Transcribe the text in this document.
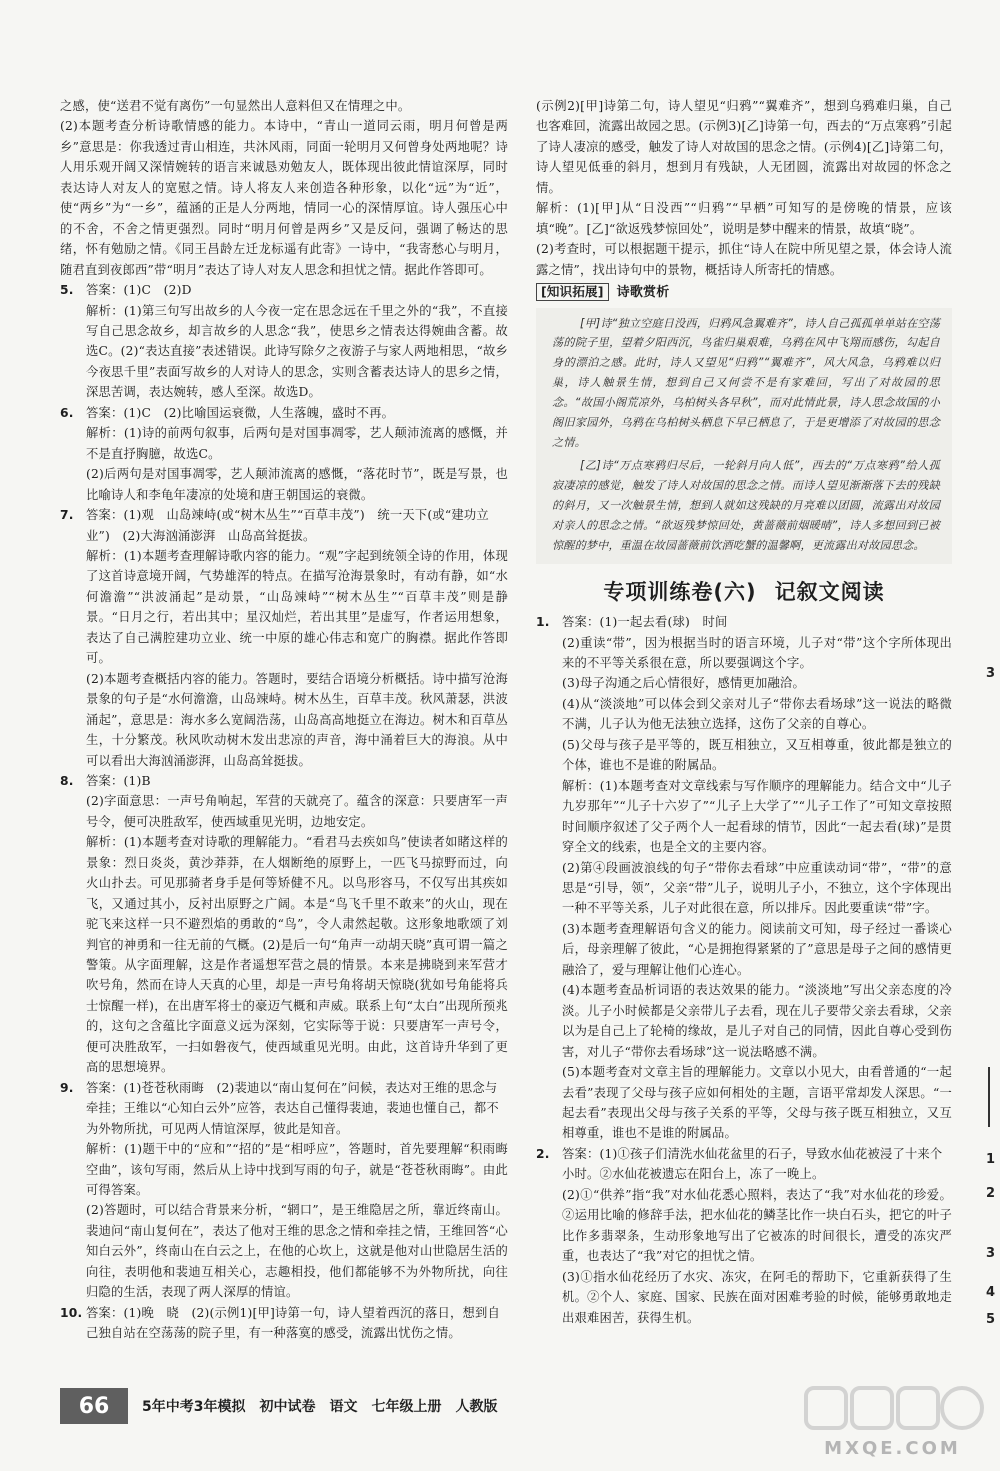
之感，使“送君不觉有离伤”一句显然出人意料但又在情理之中。

(2)本题考查分析诗歌情感的能力。本诗中，“青山一道同云雨，明月何曾是两乡”意思是：你我透过青山相连，共沐风雨，同面一轮明月又何曾身处两地呢？诗人用乐观开阔又深情婉转的语言来诚恳劝勉友人，既体现出彼此情谊深厚，同时表达诗人对友人的宽慰之情。诗人将友人来创造各种形象，以化“远”为“近”，使“两乡”为“一乡”，蕴涵的正是人分两地，情同一心的深情厚谊。诗人强压心中的不舍，不舍之情更强烈。同时“明月何曾是两乡”又是反问，强调了畅达的思绪，怀有勉励之情。《同王昌龄左迁龙标遥有此寄》一诗中，“我寄愁心与明月，随君直到夜郎西”带“明月”表达了诗人对友人思念和担忧之情。据此作答即可。

5.	答案：(1)C　(2)D

解析：(1)第三句写出故乡的人今夜一定在思念远在千里之外的“我”，不直接写自己思念故乡，却言故乡的人思念“我”，使思乡之情表达得婉曲含蓄。故选C。(2)“表达直接”表述错误。此诗写除夕之夜游子与家人两地相思，“故乡今夜思千里”表面写故乡的人对诗人的思念，实则含蓄表达诗人的思乡之情，深思苦调，表达婉转，感人至深。故选D。

6.	答案：(1)C　(2)比喻国运衰微，人生落魄，盛时不再。

解析：(1)诗的前两句叙事，后两句是对国事凋零，艺人颠沛流离的感慨，并不是直抒胸臆，故选C。

(2)后两句是对国事凋零，艺人颠沛流离的感慨，“落花时节”，既是写景，也比喻诗人和李龟年凄凉的处境和唐王朝国运的衰微。

7.	答案：(1)观　山岛竦峙(或“树木丛生”“百草丰茂”)　统一天下(或“建功立业”)　(2)大海汹涌澎湃　山岛高耸挺拔。

解析：(1)本题考查理解诗歌内容的能力。“观”字起到统领全诗的作用，体现了这首诗意境开阔，气势雄浑的特点。在描写沧海景象时，有动有静，如“水何澹澹”“洪波涌起”是动景，“山岛竦峙”“树木丛生”“百草丰茂”则是静景。“日月之行，若出其中；星汉灿烂，若出其里”是虚写，作者运用想象，表达了自己满腔建功立业、统一中原的雄心伟志和宽广的胸襟。据此作答即可。

(2)本题考查概括内容的能力。答题时，要结合语境分析概括。诗中描写沧海景象的句子是“水何澹澹，山岛竦峙。树木丛生，百草丰茂。秋风萧瑟，洪波涌起”，意思是：海水多么宽阔浩荡，山岛高高地挺立在海边。树木和百草丛生，十分繁茂。秋风吹动树木发出悲凉的声音，海中涌着巨大的海浪。从中可以看出大海汹涌澎湃，山岛高耸挺拔。

8.	答案：(1)B

(2)字面意思：一声号角响起，军营的天就亮了。蕴含的深意：只要唐军一声号令，便可决胜敌军，使西域重见光明，边地安定。

解析：(1)本题考查对诗歌的理解能力。“看君马去疾如鸟”使读者如睹这样的景象：烈日炎炎，黄沙莽莽，在人烟断绝的原野上，一匹飞马掠野而过，向火山扑去。可见那骑者身手是何等矫健不凡。以鸟形容马，不仅写出其疾如飞，又通过其小，反衬出原野之广阔。本是“鸟飞千里不敢来”的火山，现在驼飞来这样一只不避烈焰的勇敢的“鸟”，令人肃然起敬。这形象地歌颂了刘判官的神勇和一往无前的气概。(2)是后一句“角声一动胡天晓”真可谓一篇之警策。从字面理解，这是作者遥想军营之晨的情景。本来是拂晓到来军营才吹号角，然而在诗人天真的心里，却是一声号角将胡天惊晓(犹如号角能将兵士惊醒一样)，在出唐军将士的豪迈气概和声威。联系上句“太白”出现所预兆的，这句之含蕴比字面意义远为深刻，它实际等于说：只要唐军一声号令，便可决胜敌军，一扫如磐夜气，使西域重见光明。由此，这首诗升华到了更高的思想境界。

9.	答案：(1)苍苍秋雨晦　(2)裴迪以“南山复何在”问候，表达对王维的思念与牵挂；王维以“心知白云外”应答，表达自己懂得裴迪，裴迪也懂自己，都不为外物所扰，可见两人情谊深厚，彼此是知音。

解析：(1)题干中的“应和”“招的”是“相呼应”，答题时，首先要理解“积雨晦空曲”，该句写雨，然后从上诗中找到写雨的句子，就是“苍苍秋雨晦”。由此可得答案。

(2)答题时，可以结合背景来分析，“辋口”，是王维隐居之所，靠近终南山。裴迪问“南山复何在”，表达了他对王维的思念之情和牵挂之情，王维回答“心知白云外”，终南山在白云之上，在他的心坎上，这就是他对山世隐居生活的向往，表明他和裴迪互相关心，志趣相投，他们都能够不为外物所扰，向往归隐的生活，表现了两人深厚的情谊。

10. 答案：(1)晚　晓　(2)(示例1)[甲]诗第一句，诗人望着西沉的落日，想到自己独自站在空荡荡的院子里，有一种落寞的感受，流露出忧伤之情。

(示例2)[甲]诗第二句，诗人望见“归鸦”“翼难齐”，想到乌鸦难归巢，自己也客难回，流露出故园之思。(示例3)[乙]诗第一句，西去的“万点寒鸦”引起了诗人凄凉的感受，触发了诗人对故国的思念之情。(示例4)[乙]诗第二句，诗人望见低垂的斜月，想到月有残缺，人无团圆，流露出对故园的怀念之情。

解析：(1)[甲]从“日没西”“归鸦”“早栖”可知写的是傍晚的情景，应该填“晚”。[乙]“欲返残梦惊回处”，说明是梦中醒来的情景，故填“晓”。

(2)考查时，可以根据题干提示，抓住“诗人在院中所见望之景，体会诗人流露之情”，找出诗句中的景物，概括诗人所寄托的情感。

[知识拓展] 诗歌赏析

[甲]诗“独立空庭日没西，归鸦风急翼难齐”，诗人自己孤孤单单站在空荡荡的院子里，望着夕阳西沉，鸟雀归巢艰难，乌鸦在风中飞翔而感伤，勾起自身的漂泊之感。此时，诗人又望见“归鸦”“翼难齐”，风大风急，乌鸦难以归巢，诗人触景生情，想到自己又何尝不是有家难回，写出了对故园的思念。“故国小阁荒凉外，乌柏树头各早秋”，而对此情此景，诗人思念故国的小阁旧家园外，乌鸦在乌柏树头栖息下早已栖息了，于是更增添了对故园的思念之情。

[乙]诗“万点寒鸦归尽后，一轮斜月向人低”，西去的“万点寒鸦”给人孤寂凄凉的感觉，触发了诗人对故国的思念之情。而诗人望见渐渐落下去的残缺的斜月，又一次触景生情，想到人就如这残缺的月亮难以团圆，流露出对故园对亲人的思念之情。“欲返残梦惊回处，黄蔷薇前烟暖晴”，诗人多想回到已被惊醒的梦中，重温在故园蔷薇前饮酒吃蟹的温馨啊，更流露出对故园思念。

专项训练卷(六) 记叙文阅读
1.	答案：(1)一起去看(球)　时间

(2)重读“带”，因为根据当时的语言环境，儿子对“带”这个字所体现出来的不平等关系很在意，所以要强调这个字。

(3)母子沟通之后心情很好，感情更加融洽。

(4)从“淡淡地”可以体会到父亲对儿子“带你去看场球”这一说法的略微不满，儿子认为他无法独立选择，这伤了父亲的自尊心。

(5)父母与孩子是平等的，既互相独立，又互相尊重，彼此都是独立的个体，谁也不是谁的附属品。

解析：(1)本题考查对文章线索与写作顺序的理解能力。结合文中“儿子九岁那年”“儿子十六岁了”“儿子上大学了”“儿子工作了”可知文章按照时间顺序叙述了父子两个人一起看球的情节，因此“一起去看(球)”是贯穿全文的线索，也是全文的主要内容。

(2)第④段画波浪线的句子“带你去看球”中应重读动词“带”，“带”的意思是“引导，领”，父亲“带”儿子，说明儿子小，不独立，这个字体现出一种不平等关系，儿子对此很在意，所以排斥。因此要重读“带”字。

(3)本题考查理解语句含义的能力。阅读前文可知，母子经过一番谈心后，母亲理解了彼此，“心是拥抱得紧紧的了”意思是母子之间的感情更融洽了，爱与理解让他们心连心。

(4)本题考查品析词语的表达效果的能力。“淡淡地”写出父亲态度的冷淡。儿子小时候都是父亲带儿子去看，现在儿子要带父亲去看球，父亲以为是自己上了轮椅的缘故，是儿子对自己的同情，因此自尊心受到伤害，对儿子“带你去看场球”这一说法略感不满。

(5)本题考查对文章主旨的理解能力。文章以小见大，由看普通的“一起去看”表现了父母与孩子应如何相处的主题，言语平常却发人深思。“一起去看”表现出父母与孩子关系的平等，父母与孩子既互相独立，又互相尊重，谁也不是谁的附属品。

2.	答案：(1)①孩子们清洗水仙花盆里的石子，导致水仙花被浸了十来个小时。②水仙花被遗忘在阳台上，冻了一晚上。

(2)①“供养”指“我”对水仙花悉心照料，表达了“我”对水仙花的珍爱。②运用比喻的修辞手法，把水仙花的鳞茎比作一块白石头，把它的叶子比作多翡翠条，生动形象地写出了它被冻的时间很长，遭受的冻灾严重，也表达了“我”对它的担忧之情。

(3)①指水仙花经历了水灾、冻灾，在阿毛的帮助下，它重新获得了生机。②个人、家庭、国家、民族在面对困难考验的时候，能够勇敢地走出艰难困苦，获得生机。

3
1
2
3
4
5
66	5年中考3年模拟 初中试卷 语文 七年级上册 人教版
MXQE.COM
